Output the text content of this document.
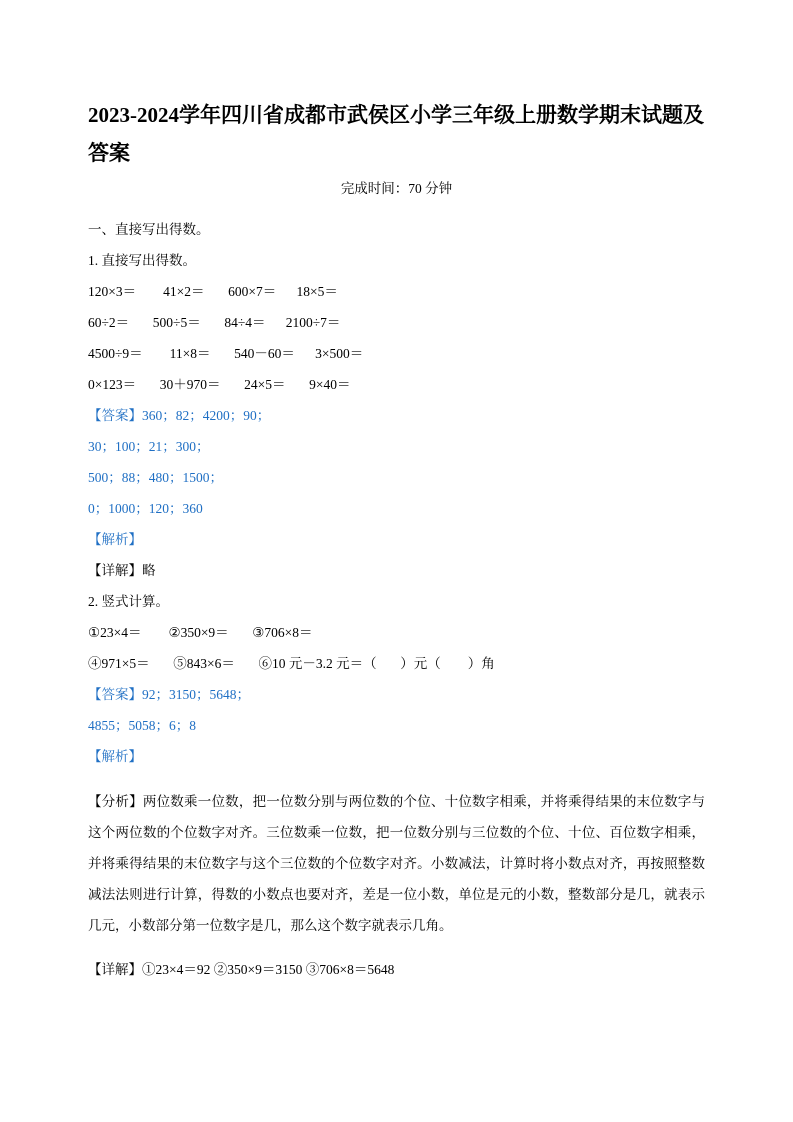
2023-2024学年四川省成都市武侯区小学三年级上册数学期末试题及答案
完成时间：70 分钟

一、直接写出得数。

1. 直接写出得数。

120×3＝        41×2＝       600×7＝      18×5＝
60÷2＝       500÷5＝       84÷4＝      2100÷7＝
4500÷9＝        11×8＝       540－60＝      3×500＝
0×123＝       30＋970＝       24×5＝       9×40＝

【答案】360；82；4200；90；

30；100；21；300；

500；88；480；1500；

0；1000；120；360

【解析】

【详解】略

2. 竖式计算。

①23×4＝        ②350×9＝       ③706×8＝
④971×5＝       ⑤843×6＝       ⑥10 元－3.2 元＝（       ）元（        ）角

【答案】92；3150；5648；

4855；5058；6；8

【解析】

【分析】两位数乘一位数，把一位数分别与两位数的个位、十位数字相乘，并将乘得结果的末位数字与这个两位数的个位数字对齐。三位数乘一位数，把一位数分别与三位数的个位、十位、百位数字相乘，并将乘得结果的末位数字与这个三位数的个位数字对齐。小数减法，计算时将小数点对齐，再按照整数减法法则进行计算，得数的小数点也要对齐，差是一位小数，单位是元的小数，整数部分是几，就表示几元，小数部分第一位数字是几，那么这个数字就表示几角。

【详解】①23×4＝92 ②350×9＝3150 ③706×8＝5648
